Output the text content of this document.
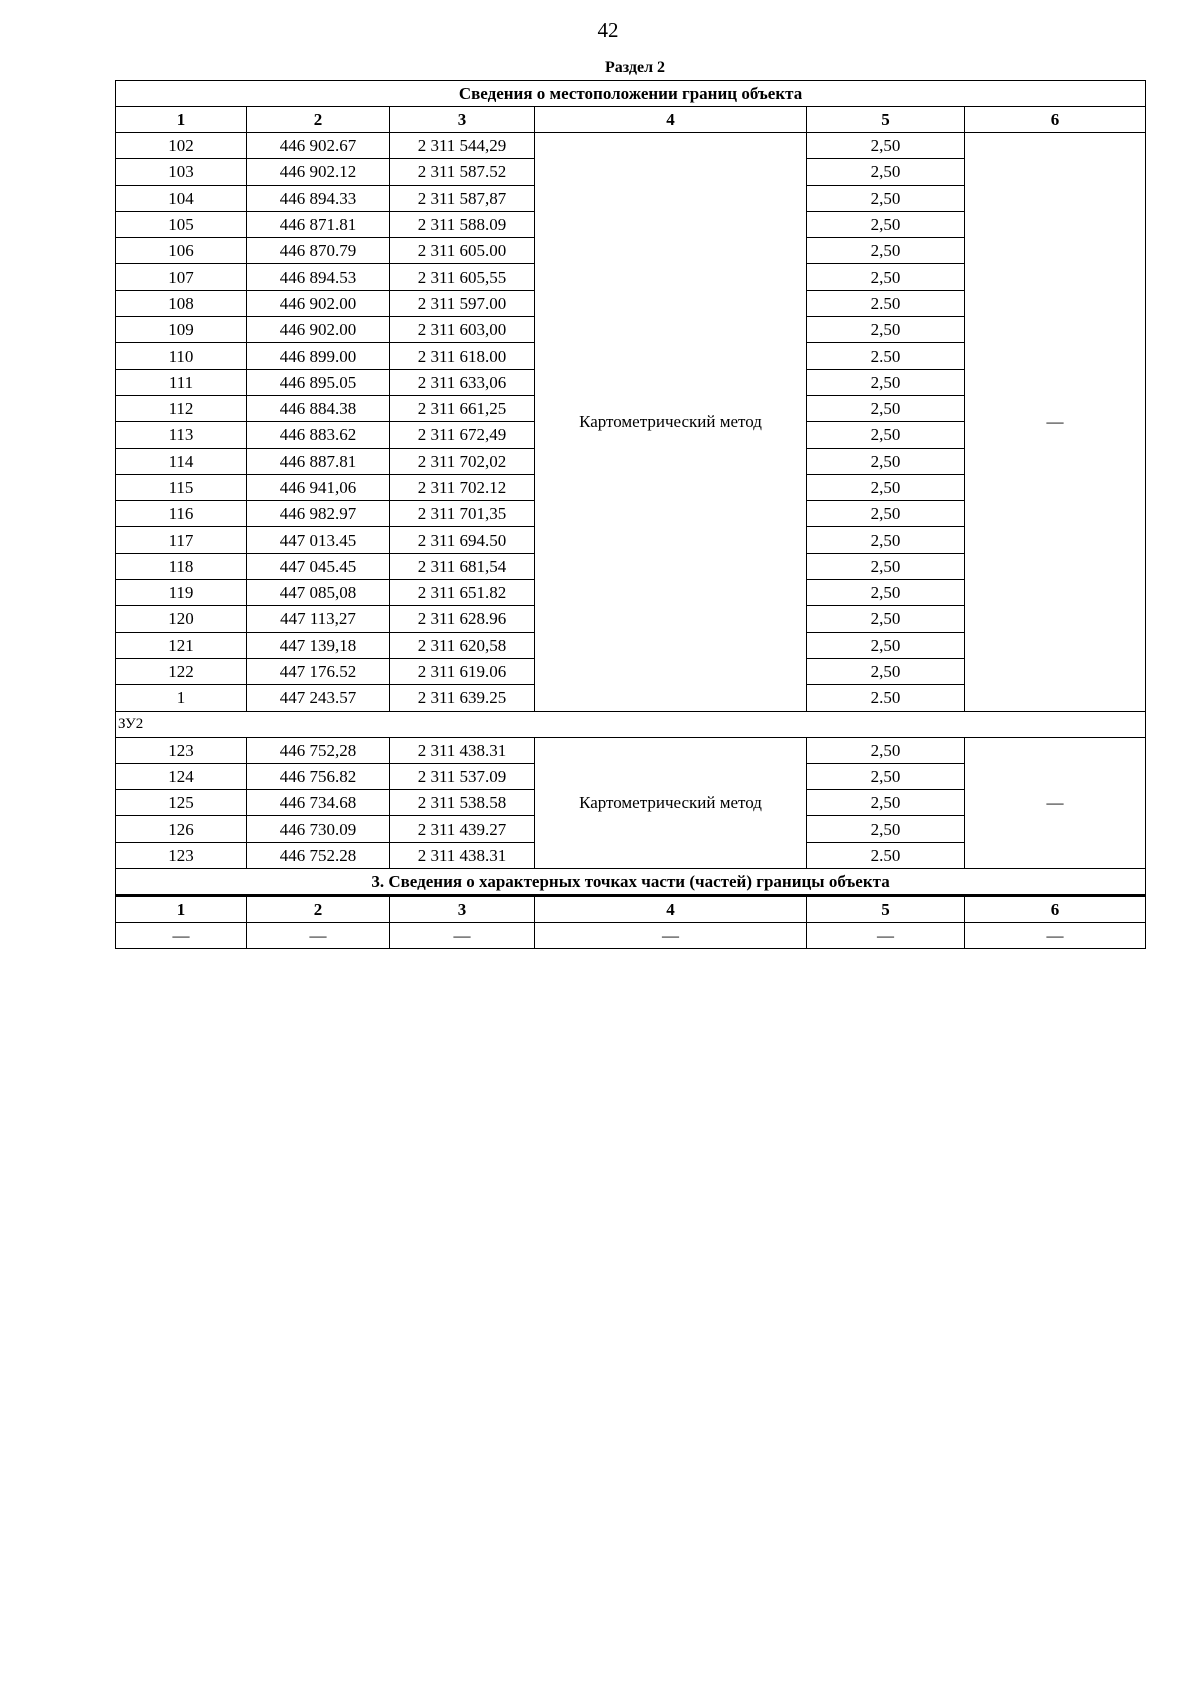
42
Раздел 2
Сведения о местоположении границ объекта					
1	2	3	4	5	6
102	446 902.67	2 311 544,29	Картометрический метод	2,50	—
103	446 902.12	2 311 587.52		2,50	
104	446 894.33	2 311 587,87		2,50	
105	446 871.81	2 311 588.09		2,50	
106	446 870.79	2 311 605.00		2,50	
107	446 894.53	2 311 605,55		2,50	
108	446 902.00	2 311 597.00		2.50	
109	446 902.00	2 311 603,00		2,50	
110	446 899.00	2 311 618.00		2.50	
111	446 895.05	2 311 633,06		2,50	
112	446 884.38	2 311 661,25		2,50	
113	446 883.62	2 311 672,49		2,50	
114	446 887.81	2 311 702,02		2,50	
115	446 941,06	2 311 702.12		2,50	
116	446 982.97	2 311 701,35		2,50	
117	447 013.45	2 311 694.50		2,50	
118	447 045.45	2 311 681,54		2,50	
119	447 085,08	2 311 651.82		2,50	
120	447 113,27	2 311 628.96		2,50	
121	447 139,18	2 311 620,58		2,50	
122	447 176.52	2 311 619.06		2,50	
1	447 243.57	2 311 639.25		2.50	
ЗУ2					
123	446 752,28	2 311 438.31	Картометрический метод	2,50	—
124	446 756.82	2 311 537.09		2,50	
125	446 734.68	2 311 538.58		2,50	
126	446 730.09	2 311 439.27		2,50	
123	446 752.28	2 311 438.31		2.50	
3. Сведения о характерных точках части (частей) границы объекта					
1	2	3	4	5	6
—	—	—	—	—	—
